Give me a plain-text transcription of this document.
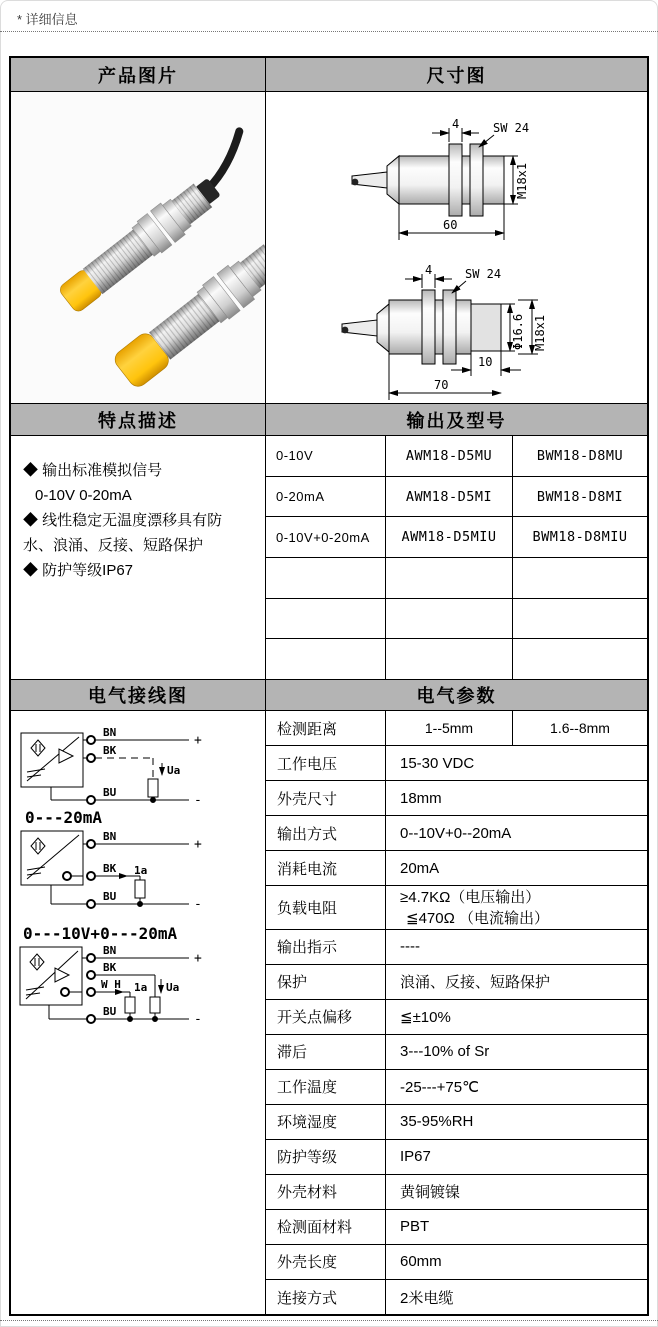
* 详细信息
产品图片	尺寸图
4	SW 24
M18x1
60
4	SW 24
Φ16.6 M18x1
10
70
特点描述	输出及型号
◆ 输出标准模拟信号
0-10V 0-20mA
◆ 线性稳定无温度漂移具有防
水、浪涌、反接、短路保护
◆ 防护等级IP67
0-10V	AWM18-D5MU	BWM18-D8MU
0-20mA	AWM18-D5MI	BWM18-D8MI
0-10V+0-20mA	AWM18-D5MIU	BWM18-D8MIU
电气接线图	电气参数
BN
BK
BU
Ua
+
-
0---20mA
BN
BK
BU
1a
+
-
0---10V+0---20mA
BN
BK
W H 1a Ua
BU
+
-
检测距离	1--5mm	1.6--8mm
工作电压	15-30 VDC
外壳尺寸	18mm
输出方式	0--10V+0--20mA
消耗电流	20mA
负载电阻
≥4.7KΩ（电压输出）
≦470Ω （电流输出）
输出指示	----
保护	浪涌、反接、短路保护
开关点偏移	≦±10%
滞后	3---10% of Sr
工作温度	-25---+75℃
环境湿度	35-95%RH
防护等级	IP67
外壳材料	黄铜镀镍
检测面材料	PBT
外壳长度	60mm
连接方式	2米电缆
